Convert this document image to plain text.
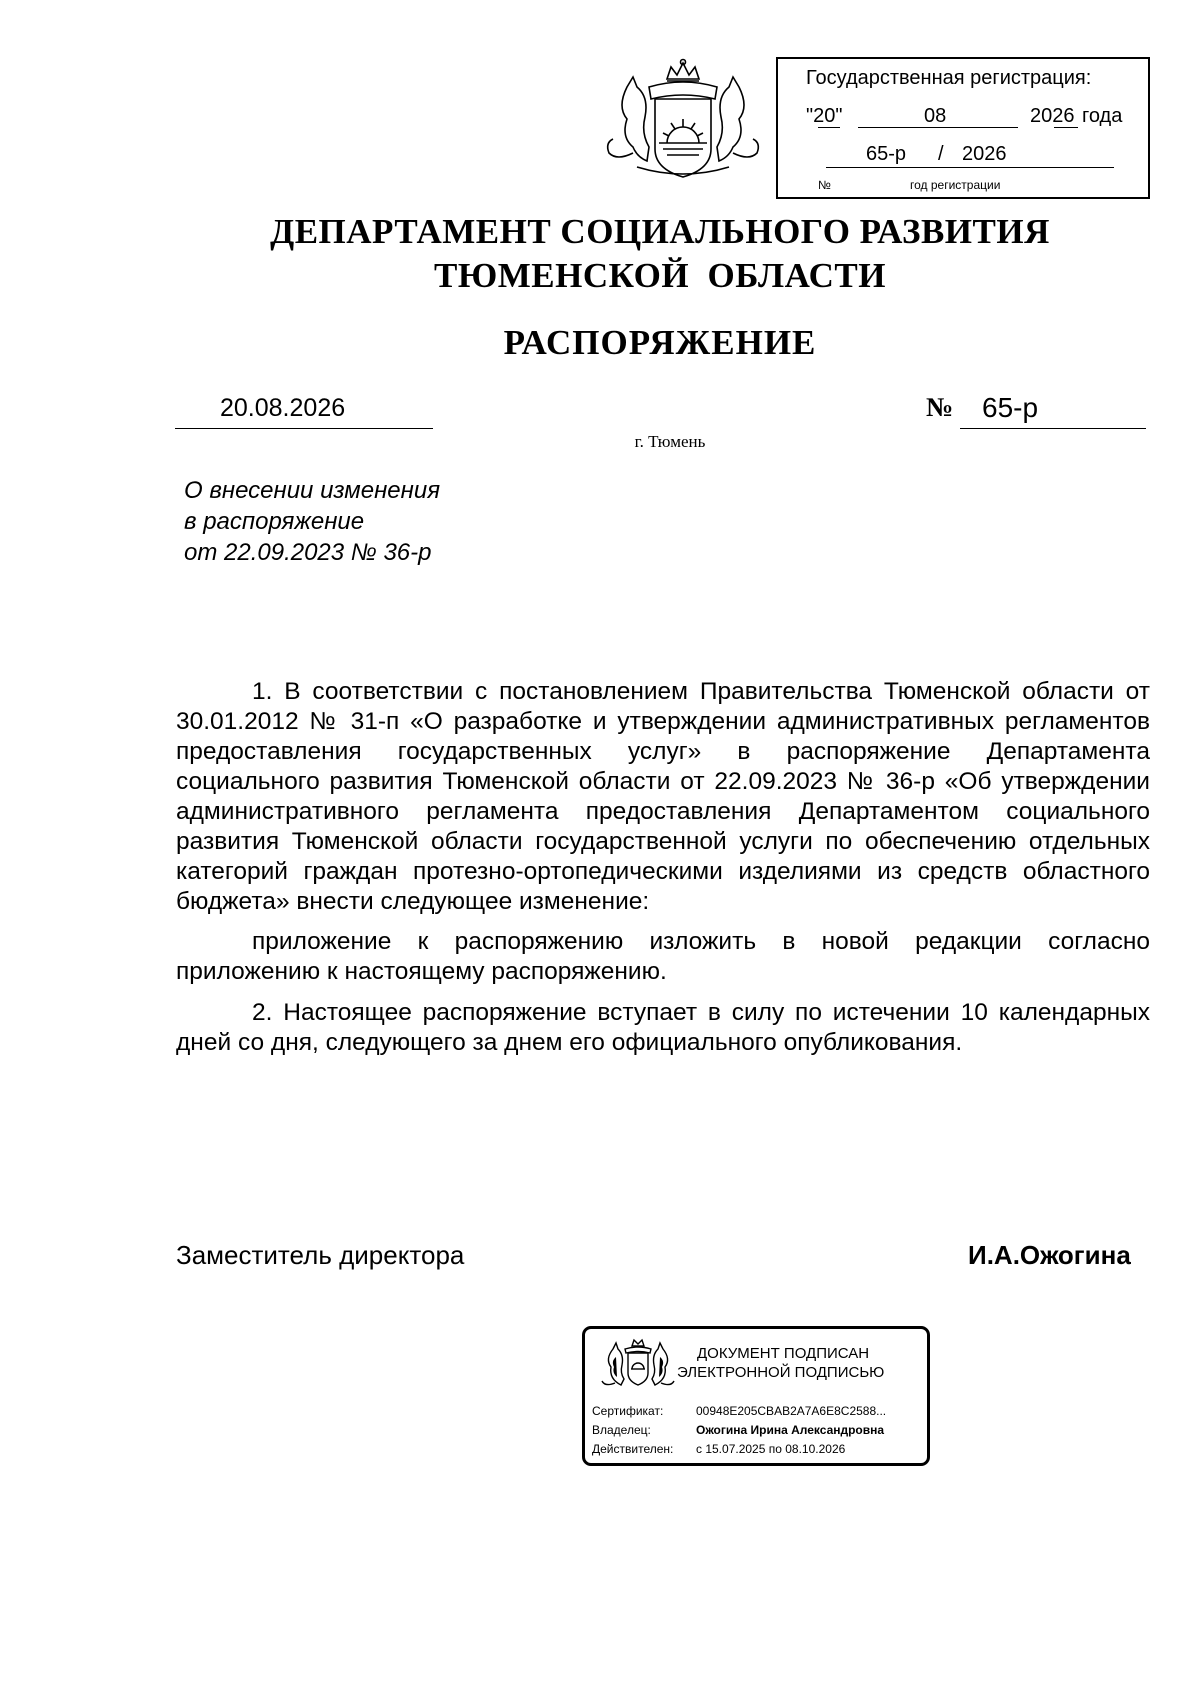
Государственная регистрация:
"20"	08	2026 года
65-р / 2026
№	год регистрации
ДЕПАРТАМЕНТ СОЦИАЛЬНОГО РАЗВИТИЯ
ТЮМЕНСКОЙ  ОБЛАСТИ
РАСПОРЯЖЕНИЕ
20.08.2026	№ 65-р
г. Тюмень
О внесении изменения
в распоряжение
от 22.09.2023 № 36-р

1. В соответствии с постановлением Правительства Тюменской области от 30.01.2012 № 31-п «О разработке и утверждении административных регламентов предоставления государственных услуг» в распоряжение Департамента социального развития Тюменской области от 22.09.2023 № 36-р «Об утверждении административного регламента предоставления Департаментом социального развития Тюменской области государственной услуги по обеспечению отдельных категорий граждан протезно-ортопедическими изделиями из средств областного бюджета» внести следующее изменение:

приложение к распоряжению изложить в новой редакции согласно приложению к настоящему распоряжению.

2. Настоящее распоряжение вступает в силу по истечении 10 календарных дней со дня, следующего за днем его официального опубликования.

Заместитель директора	И.А.Ожогина
ДОКУМЕНТ ПОДПИСАН
ЭЛЕКТРОННОЙ ПОДПИСЬЮ
Сертификат:	00948E205CBAB2A7A6E8C2588...
Владелец:	Ожогина Ирина Александровна
Действителен: с 15.07.2025 по 08.10.2026
